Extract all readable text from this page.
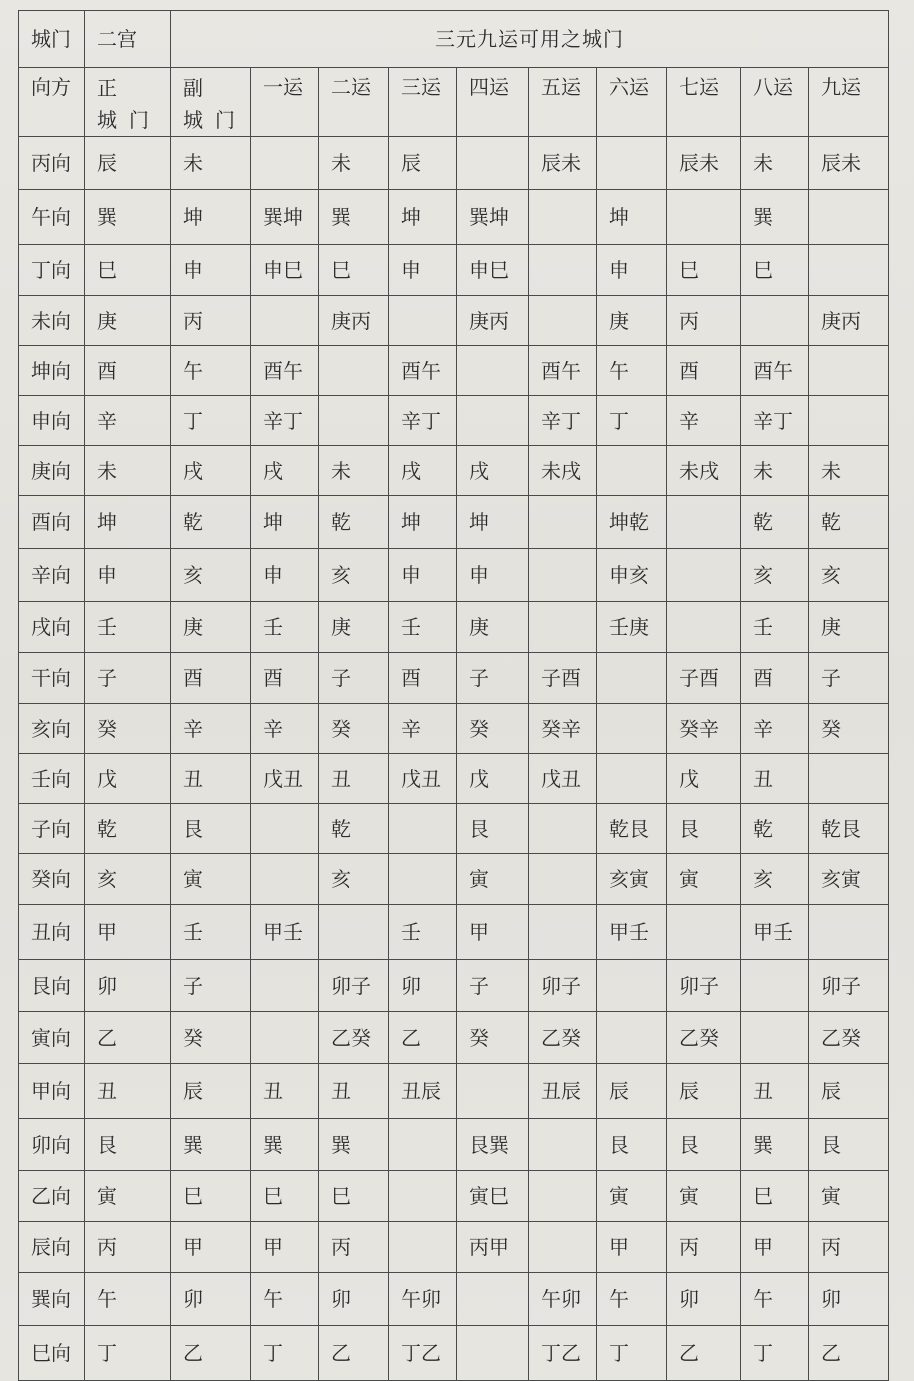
城门	二宫	三元九运可用之城门									
向方	正 城门	副 城门	一运	二运	三运	四运	五运	六运	七运	八运	九运
丙向	辰	未		未	辰		辰未		辰未	未	辰未
午向	巽	坤	巽坤	巽	坤	巽坤		坤		巽	
丁向	巳	申	申巳	巳	申	申巳		申	巳	巳	
未向	庚	丙		庚丙		庚丙		庚	丙		庚丙
坤向	酉	午	酉午		酉午		酉午	午	酉	酉午	
申向	辛	丁	辛丁		辛丁		辛丁	丁	辛	辛丁	
庚向	未	戌	戌	未	戌	戌	未戌		未戌	未	未
酉向	坤	乾	坤	乾	坤	坤		坤乾		乾	乾
辛向	申	亥	申	亥	申	申		申亥		亥	亥
戌向	壬	庚	壬	庚	壬	庚		壬庚		壬	庚
干向	子	酉	酉	子	酉	子	子酉		子酉	酉	子
亥向	癸	辛	辛	癸	辛	癸	癸辛		癸辛	辛	癸
壬向	戊	丑	戊丑	丑	戊丑	戊	戊丑		戊	丑	
子向	乾	艮		乾		艮		乾艮	艮	乾	乾艮
癸向	亥	寅		亥		寅		亥寅	寅	亥	亥寅
丑向	甲	壬	甲壬		壬	甲		甲壬		甲壬	
艮向	卯	子		卯子	卯	子	卯子		卯子		卯子
寅向	乙	癸		乙癸	乙	癸	乙癸		乙癸		乙癸
甲向	丑	辰	丑	丑	丑辰		丑辰	辰	辰	丑	辰
卯向	艮	巽	巽	巽		艮巽		艮	艮	巽	艮
乙向	寅	巳	巳	巳		寅巳		寅	寅	巳	寅
辰向	丙	甲	甲	丙		丙甲		甲	丙	甲	丙
巽向	午	卯	午	卯	午卯		午卯	午	卯	午	卯
巳向	丁	乙	丁	乙	丁乙		丁乙	丁	乙	丁	乙
